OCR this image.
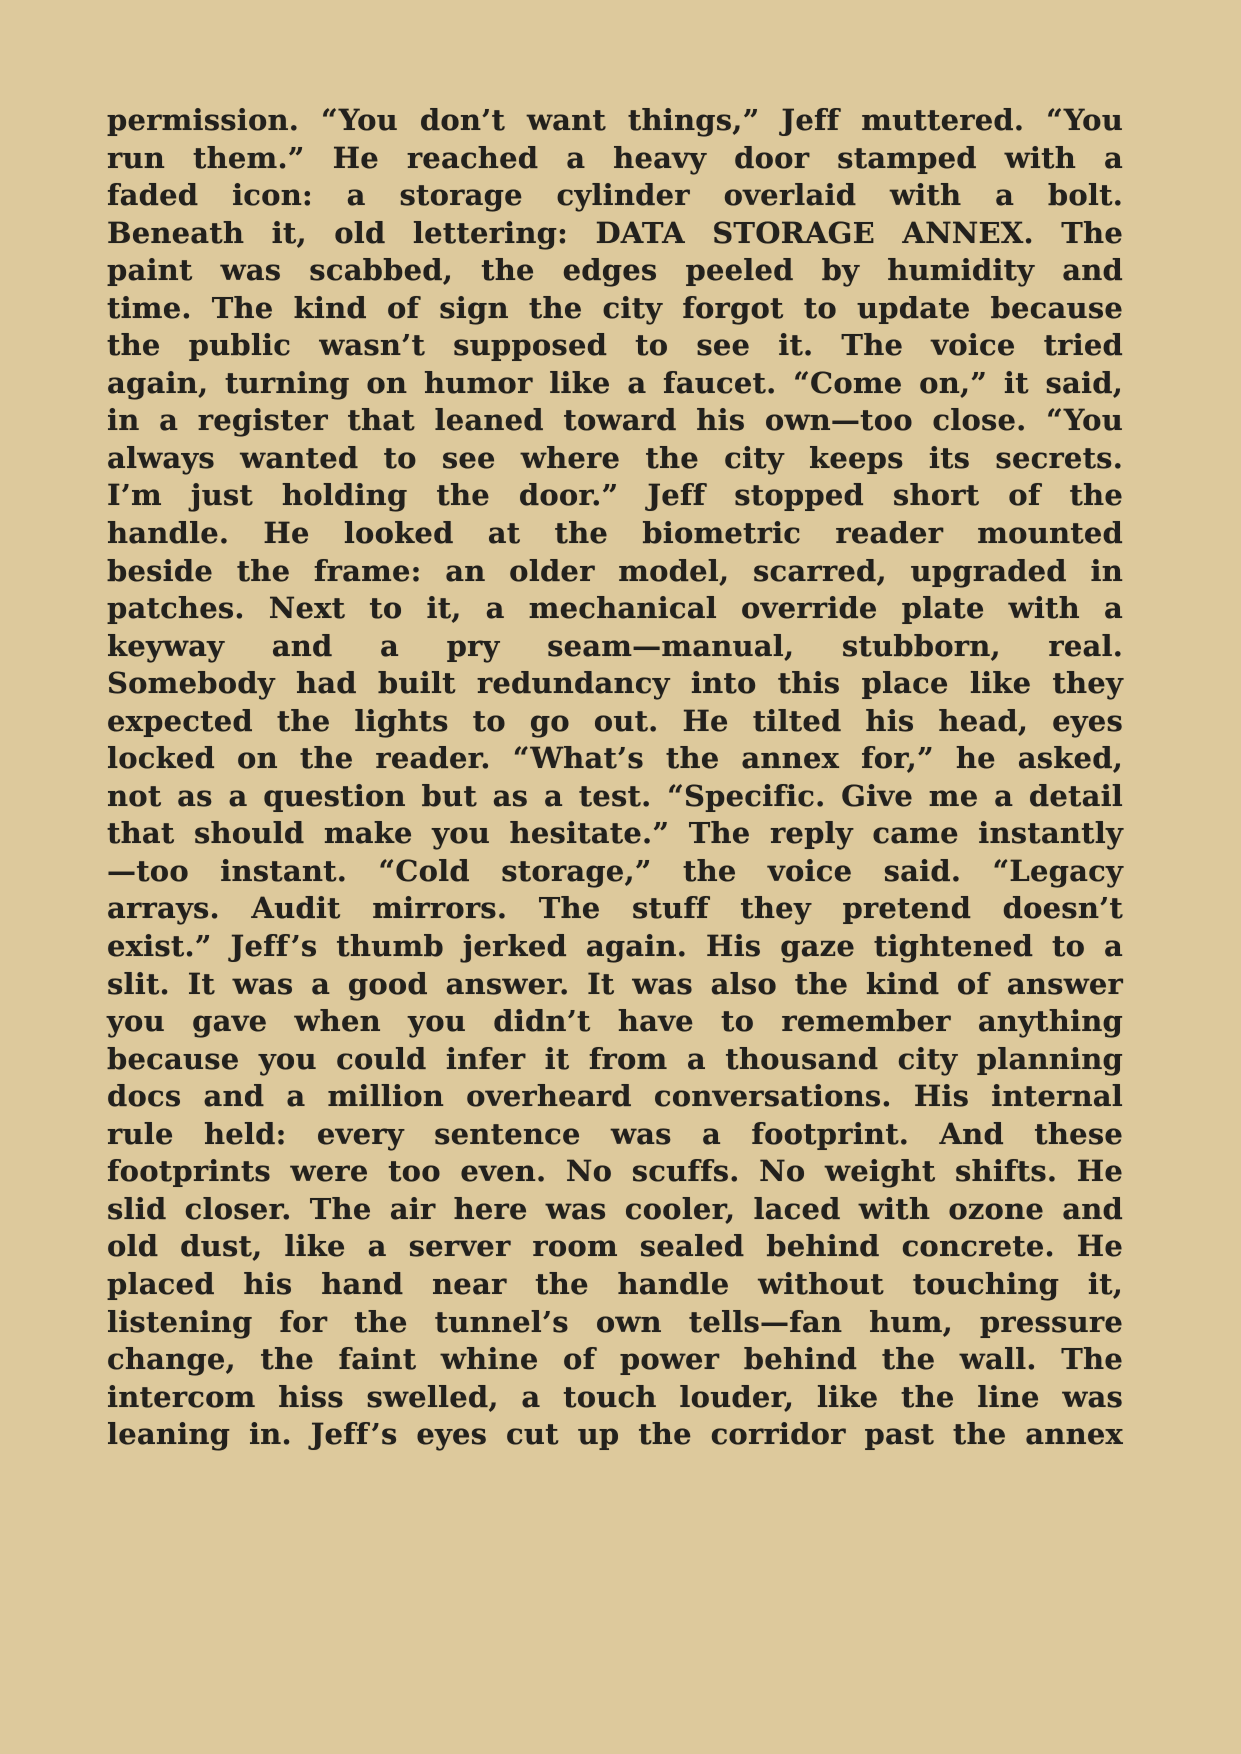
permission. “You don’t want things,” Jeff muttered. “You
run them.” He reached a heavy door stamped with a
faded icon: a storage cylinder overlaid with a bolt.
Beneath it, old lettering: DATA STORAGE ANNEX. The
paint was scabbed, the edges peeled by humidity and
time. The kind of sign the city forgot to update because
the public wasn’t supposed to see it. The voice tried
again, turning on humor like a faucet. “Come on,” it said,
in a register that leaned toward his own—too close. “You
always wanted to see where the city keeps its secrets.
I’m just holding the door.” Jeff stopped short of the
handle. He looked at the biometric reader mounted
beside the frame: an older model, scarred, upgraded in
patches. Next to it, a mechanical override plate with a
keyway and a pry seam—manual, stubborn, real.
Somebody had built redundancy into this place like they
expected the lights to go out. He tilted his head, eyes
locked on the reader. “What’s the annex for,” he asked,
not as a question but as a test. “Specific. Give me a detail
that should make you hesitate.” The reply came instantly
—too instant. “Cold storage,” the voice said. “Legacy
arrays. Audit mirrors. The stuff they pretend doesn’t
exist.” Jeff’s thumb jerked again. His gaze tightened to a
slit. It was a good answer. It was also the kind of answer
you gave when you didn’t have to remember anything
because you could infer it from a thousand city planning
docs and a million overheard conversations. His internal
rule held: every sentence was a footprint. And these
footprints were too even. No scuffs. No weight shifts. He
slid closer. The air here was cooler, laced with ozone and
old dust, like a server room sealed behind concrete. He
placed his hand near the handle without touching it,
listening for the tunnel’s own tells—fan hum, pressure
change, the faint whine of power behind the wall. The
intercom hiss swelled, a touch louder, like the line was
leaning in. Jeff’s eyes cut up the corridor past the annex
